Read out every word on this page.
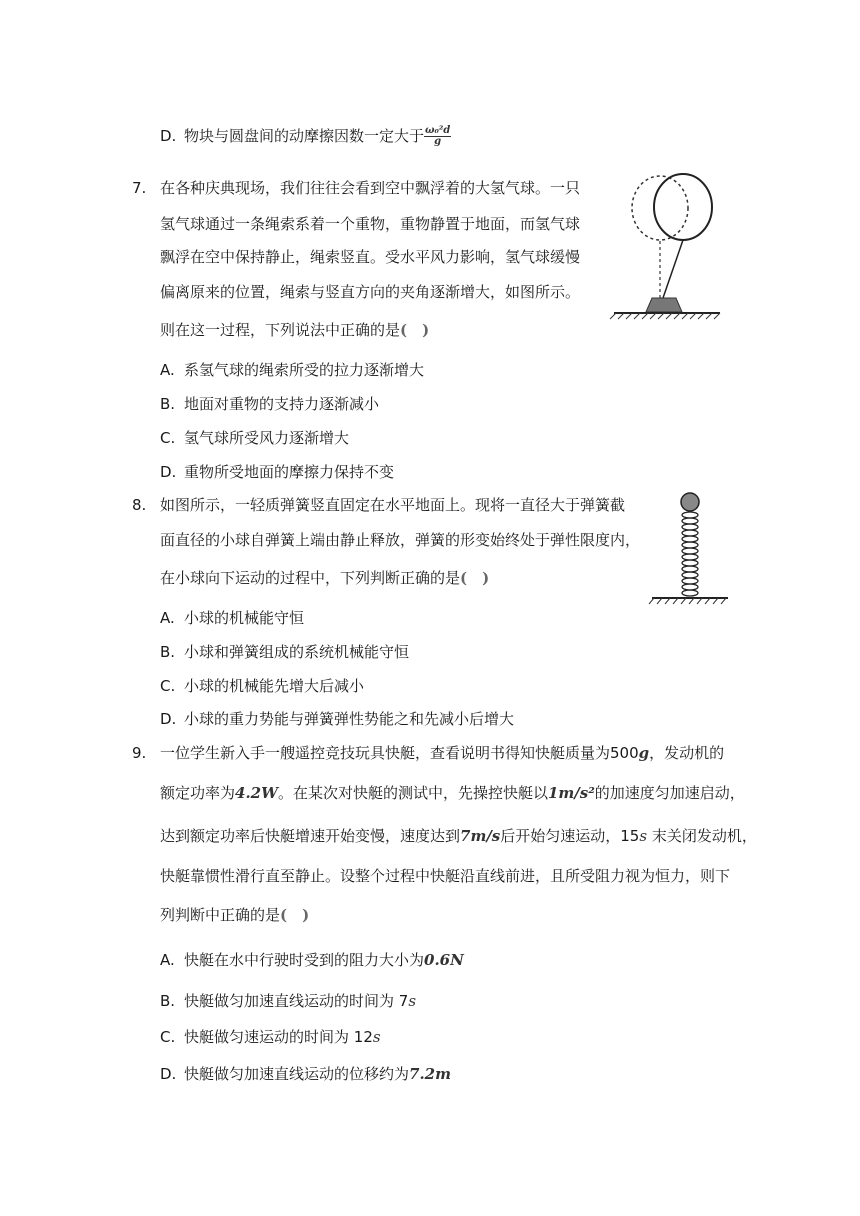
D. 物块与圆盘间的动摩擦因数一定大于 $\frac{\text{ω₀²d}}{g}$
7. 在各种庆典现场，我们往往会看到空中飘浮着的大氢气球。一只
氢气球通过一条绳索系着一个重物，重物静置于地面，而氢气球
飘浮在空中保持静止，绳索竖直。受水平风力影响，氢气球缓慢
偏离原来的位置，绳索与竖直方向的夹角逐渐增大，如图所示。
则在这一过程，下列说法中正确的是(　)
A. 系氢气球的绳索所受的拉力逐渐增大
B. 地面对重物的支持力逐渐减小
C. 氢气球所受风力逐渐增大
D. 重物所受地面的摩擦力保持不变
8. 如图所示，一轻质弹簧竖直固定在水平地面上。现将一直径大于弹簧截
面直径的小球自弹簧上端由静止释放，弹簧的形变始终处于弹性限度内，
在小球向下运动的过程中，下列判断正确的是(　)
A. 小球的机械能守恒
B. 小球和弹簧组成的系统机械能守恒
C. 小球的机械能先增大后减小
D. 小球的重力势能与弹簧弹性势能之和先减小后增大
9. 一位学生新入手一艘遥控竞技玩具快艇，查看说明书得知快艇质量为500g，发动机的
额定功率为4.2W。在某次对快艇的测试中，先操控快艇以1m/s²的加速度匀加速启动，
达到额定功率后快艇增速开始变慢，速度达到7m/s后开始匀速运动，15s 末关闭发动机，
快艇靠惯性滑行直至静止。设整个过程中快艇沿直线前进，且所受阻力视为恒力，则下
列判断中正确的是(　)
A. 快艇在水中行驶时受到的阻力大小为0.6N
B. 快艇做匀加速直线运动的时间为 7s
C. 快艇做匀速运动的时间为 12s
D. 快艇做匀加速直线运动的位移约为7.2m
